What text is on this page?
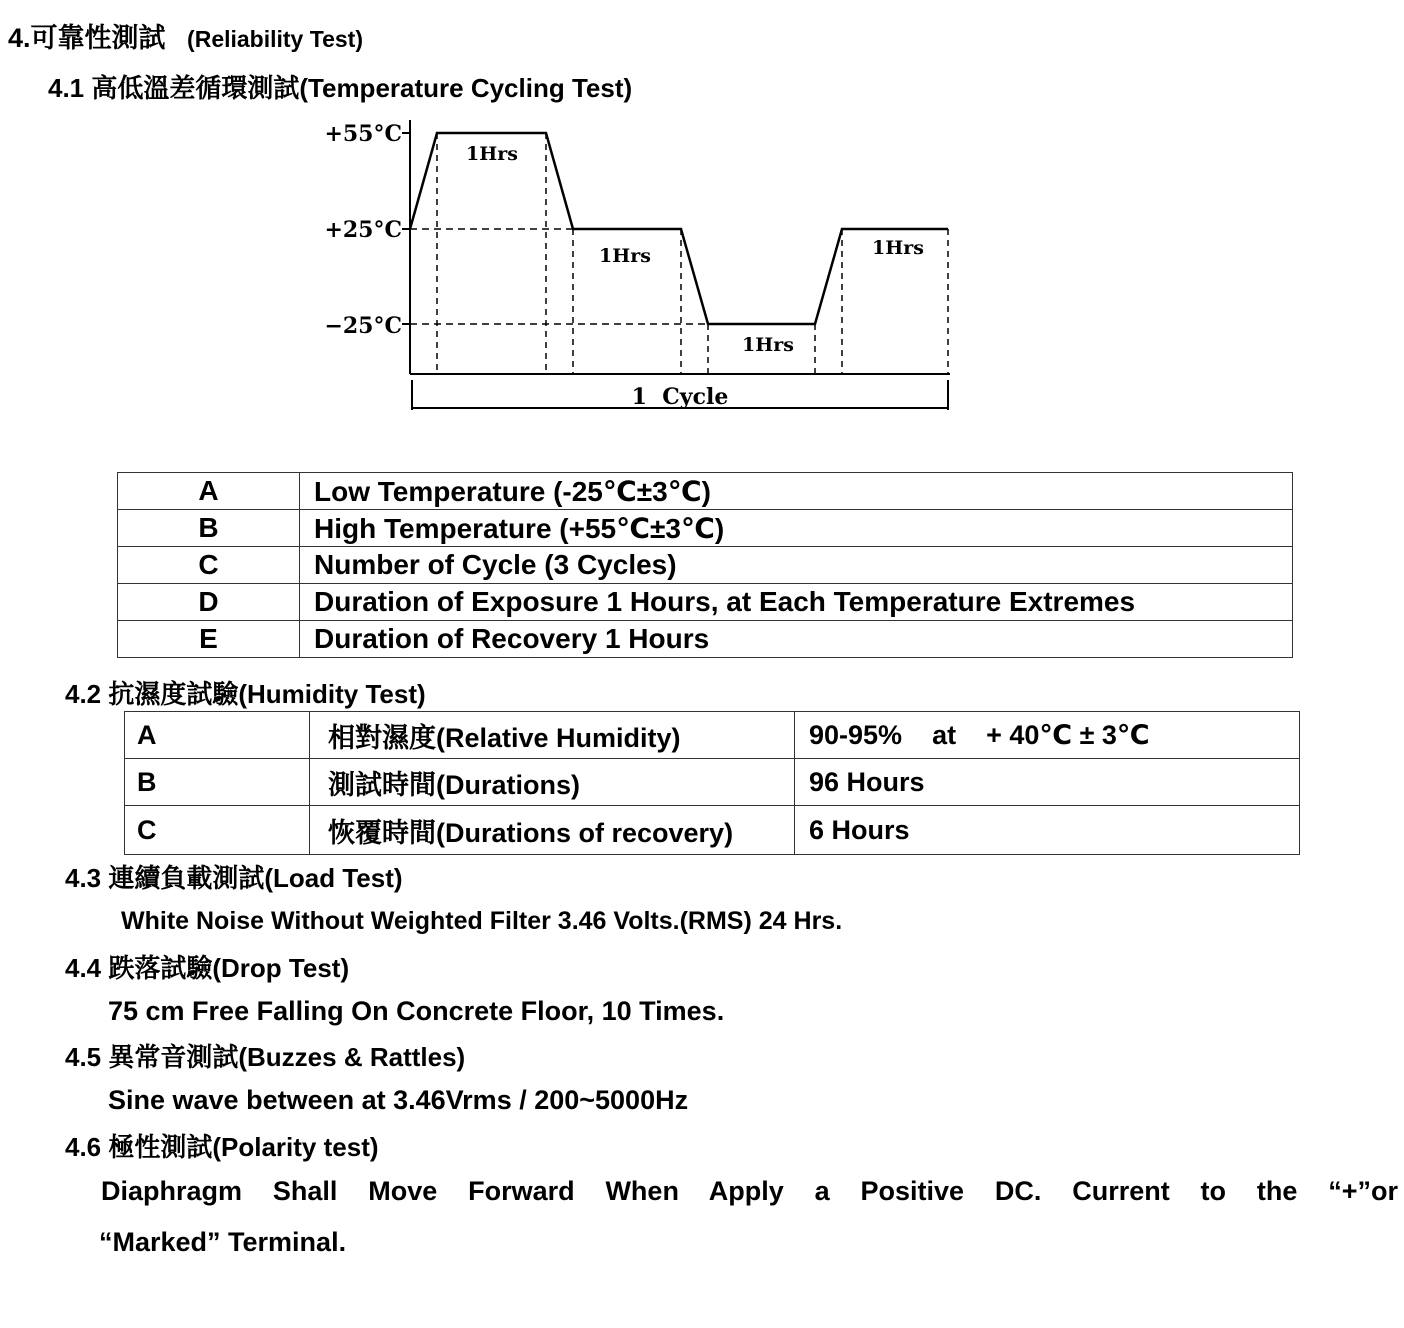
4.可靠性測試 (Reliability Test)
4.1 高低溫差循環測試(Temperature Cycling Test)
+55°C
+25°C
−25°C
1Hrs
1Hrs
1Hrs
1Hrs
1  Cycle
A	Low Temperature (-25℃±3℃)
B	High Temperature (+55℃±3℃)
C	Number of Cycle (3 Cycles)
D	Duration of Exposure 1 Hours, at Each Temperature Extremes
E	Duration of Recovery 1 Hours
4.2 抗濕度試驗(Humidity Test)
A	相對濕度(Relative Humidity)	90-95%    at    + 40℃ ± 3℃
B	測試時間(Durations)	96 Hours
C	恢覆時間(Durations of recovery)	6 Hours
4.3 連續負載測試(Load Test)
White Noise Without Weighted Filter 3.46 Volts.(RMS) 24 Hrs.
4.4 跌落試驗(Drop Test)
75 cm Free Falling On Concrete Floor, 10 Times.
4.5 異常音測試(Buzzes & Rattles)
Sine wave between at 3.46Vrms / 200~5000Hz
4.6 極性測試(Polarity test)
Diaphragm Shall Move Forward When Apply a Positive DC. Current to the “+”or
“Marked” Terminal.
